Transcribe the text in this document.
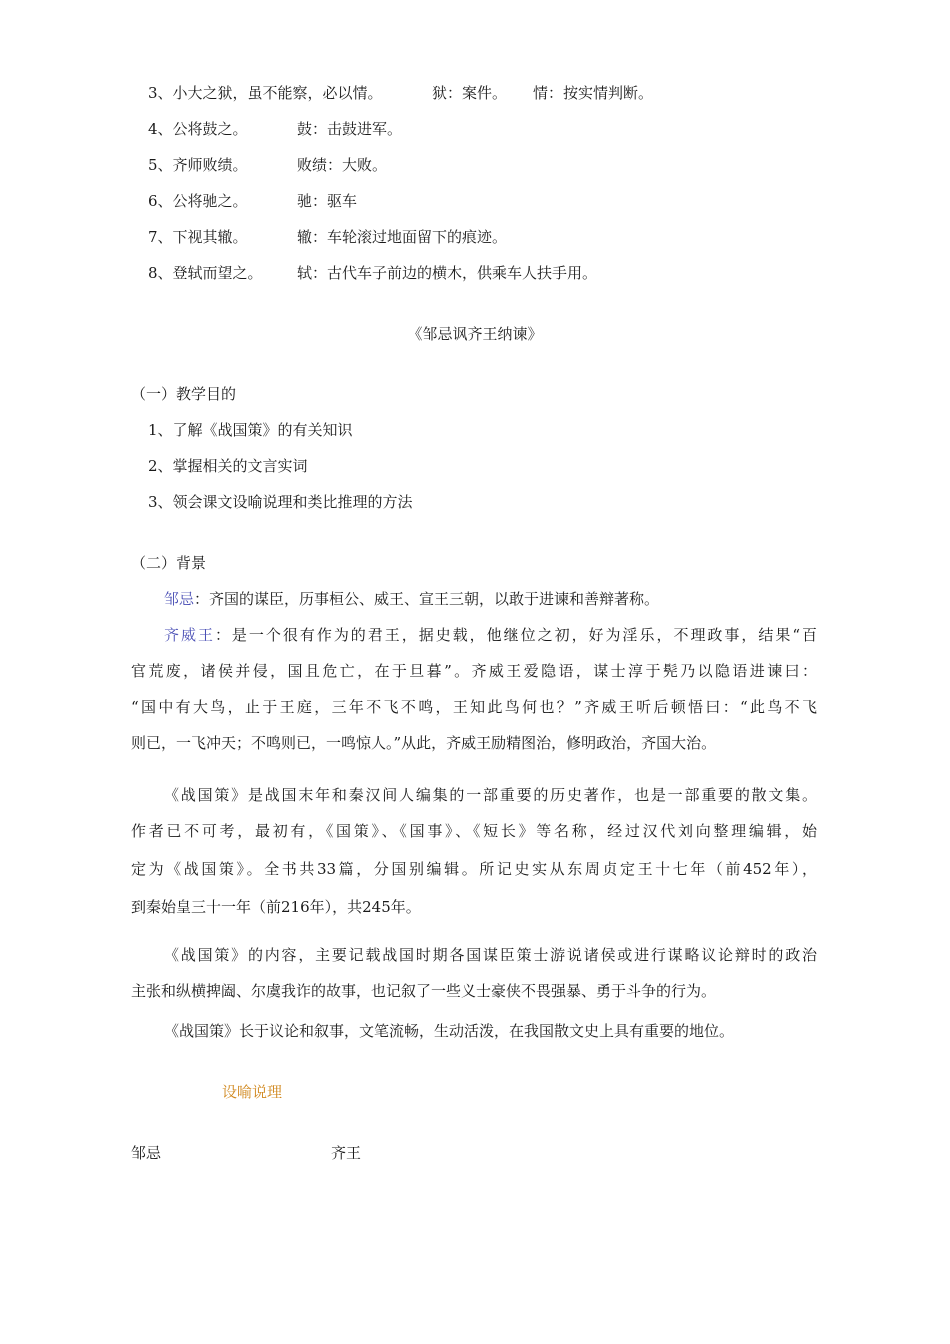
3、小大之狱，虽不能察，必以情。	狱：案件。 情：按实情判断。
4、公将鼓之。	鼓：击鼓进军。
5、齐师败绩。	败绩：大败。
6、公将驰之。	驰：驱车
7、下视其辙。	辙：车轮滚过地面留下的痕迹。
8、登轼而望之。 轼：古代车子前边的横木，供乘车人扶手用。
《邹忌讽齐王纳谏》
（一）教学目的
1、了解《战国策》的有关知识
2、掌握相关的文言实词
3、领会课文设喻说理和类比推理的方法
（二）背景
邹忌：齐国的谋臣，历事桓公、威王、宣王三朝，以敢于进谏和善辩著称。
齐威王：是一个很有作为的君王，据史载，他继位之初，好为淫乐，不理政事，结果“百
官荒废，诸侯并侵，国且危亡，在于旦暮”。齐威王爱隐语，谋士淳于髡乃以隐语进谏曰：
“国中有大鸟，止于王庭，三年不飞不鸣，王知此鸟何也？”齐威王听后顿悟曰：“此鸟不飞
则已，一飞冲天；不鸣则已，一鸣惊人。”从此，齐威王励精图治，修明政治，齐国大治。
《战国策》是战国末年和秦汉间人编集的一部重要的历史著作，也是一部重要的散文集。
作者已不可考，最初有，《国策》、《国事》、《短长》等名称，经过汉代刘向整理编辑，始
定为《战国策》。全书共33篇，分国别编辑。所记史实从东周贞定王十七年（前452年），
到秦始皇三十一年（前216年），共245年。
《战国策》的内容，主要记载战国时期各国谋臣策士游说诸侯或进行谋略议论辩时的政治
主张和纵横捭阖、尔虞我诈的故事，也记叙了一些义士豪侠不畏强暴、勇于斗争的行为。
《战国策》长于议论和叙事，文笔流畅，生动活泼，在我国散文史上具有重要的地位。
设喻说理
邹忌	齐王
